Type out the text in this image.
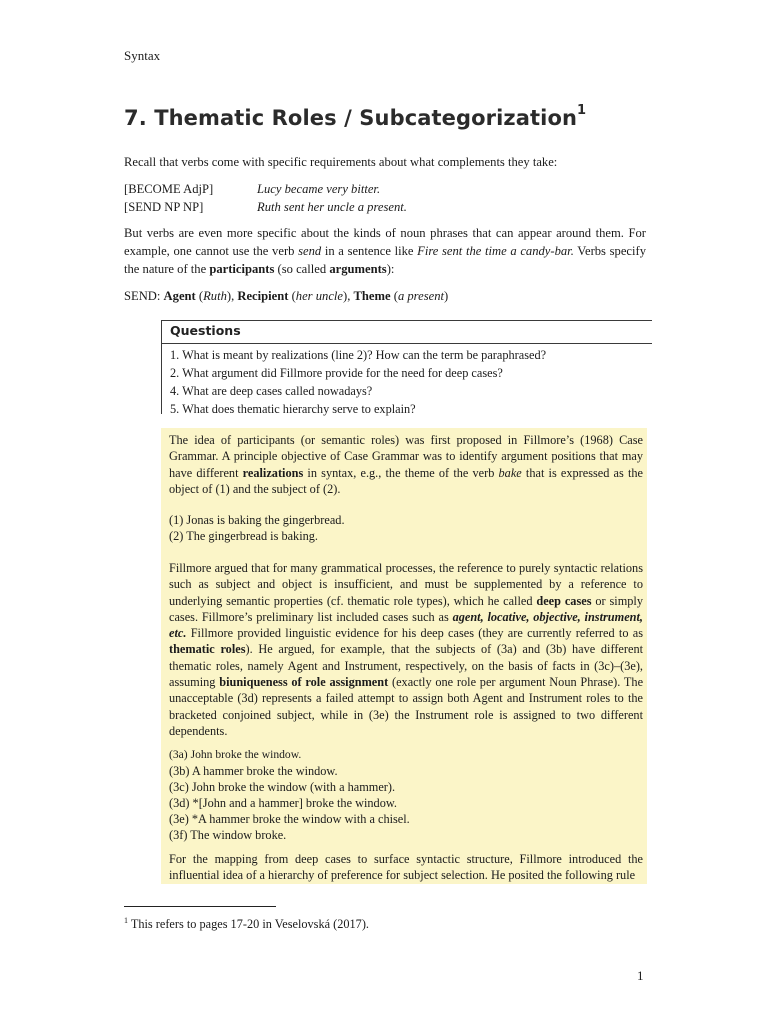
Syntax
7. Thematic Roles / Subcategorization$^1$
Recall that verbs come with specific requirements about what complements they take:
[BECOME AdjP]	Lucy became very bitter.
[SEND NP NP]	Ruth sent her uncle a present.
But verbs are even more specific about the kinds of noun phrases that can appear around them. For example, one cannot use the verb send in a sentence like Fire sent the time a candy-bar. Verbs specify the nature of the participants (so called arguments):
SEND: Agent (Ruth), Recipient (her uncle), Theme (a present)
Questions
1. What is meant by realizations (line 2)? How can the term be paraphrased?
2. What argument did Fillmore provide for the need for deep cases?
4. What are deep cases called nowadays?
5. What does thematic hierarchy serve to explain?
The idea of participants (or semantic roles) was first proposed in Fillmore’s (1968) Case Grammar. A principle objective of Case Grammar was to identify argument positions that may have different realizations in syntax, e.g., the theme of the verb bake that is expressed as the object of (1) and the subject of (2).
(1) Jonas is baking the gingerbread.
(2) The gingerbread is baking.
Fillmore argued that for many grammatical processes, the reference to purely syntactic relations such as subject and object is insufficient, and must be supplemented by a reference to underlying semantic properties (cf. thematic role types), which he called deep cases or simply cases. Fillmore’s preliminary list included cases such as agent, locative, objective, instrument, etc. Fillmore provided linguistic evidence for his deep cases (they are currently referred to as thematic roles). He argued, for example, that the subjects of (3a) and (3b) have different thematic roles, namely Agent and Instrument, respectively, on the basis of facts in (3c)–(3e), assuming biuniqueness of role assignment (exactly one role per argument Noun Phrase). The unacceptable (3d) represents a failed attempt to assign both Agent and Instrument roles to the bracketed conjoined subject, while in (3e) the Instrument role is assigned to two different dependents.
(3a) John broke the window.
(3b) A hammer broke the window.
(3c) John broke the window (with a hammer).
(3d) *[John and a hammer] broke the window.
(3e) *A hammer broke the window with a chisel.
(3f) The window broke.
For the mapping from deep cases to surface syntactic structure, Fillmore introduced the influential idea of a hierarchy of preference for subject selection. He posited the following rule
$^1$ This refers to pages 17-20 in Veselovská (2017).
1
